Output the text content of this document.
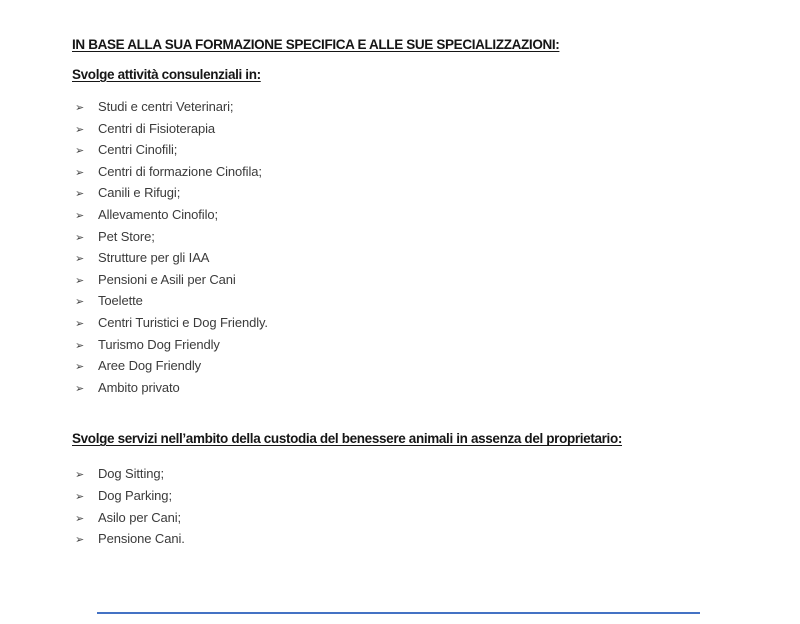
IN BASE ALLA SUA FORMAZIONE SPECIFICA E ALLE SUE SPECIALIZZAZIONI:
Svolge attività consulenziali in:
➢	Studi e centri Veterinari;
➢	Centri di Fisioterapia
➢	Centri Cinofili;
➢	Centri di formazione Cinofila;
➢	Canili e Rifugi;
➢	Allevamento Cinofilo;
➢	Pet Store;
➢	Strutture per gli IAA
➢	Pensioni e Asili per Cani
➢	Toelette
➢	Centri Turistici e Dog Friendly.
➢	Turismo Dog Friendly
➢	Aree Dog Friendly
➢	Ambito privato
Svolge servizi nell’ambito della custodia del benessere animali in assenza del proprietario:
➢	Dog Sitting;
➢	Dog Parking;
➢	Asilo per Cani;
➢	Pensione Cani.
